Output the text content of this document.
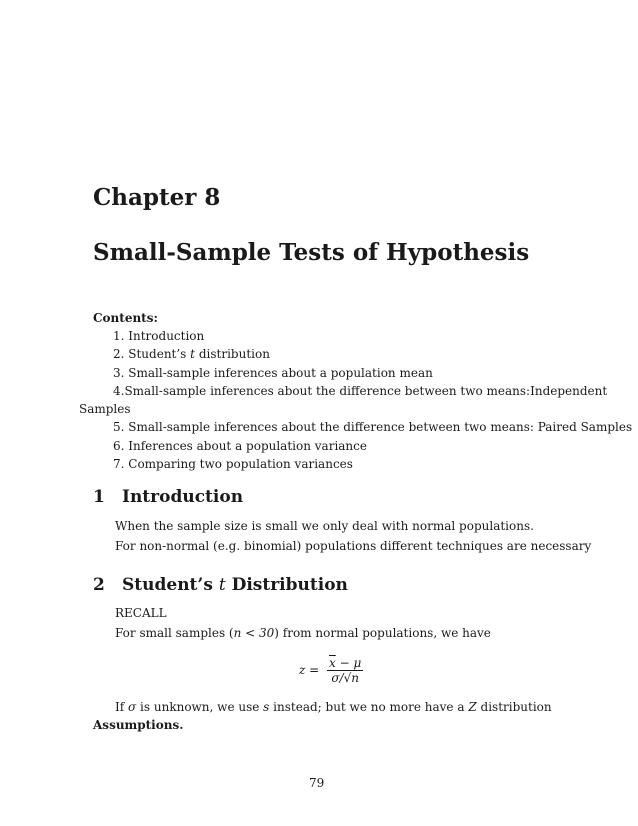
Chapter 8
Small-Sample Tests of Hypothesis
Contents:
1. Introduction
2. Student’s t distribution
3. Small-sample inferences about a population mean
4. Small-sample inferences about the difference between two means: Independent
Samples
5. Small-sample inferences about the difference between two means: Paired Samples
6. Inferences about a population variance
7. Comparing two population variances
1 Introduction
When the sample size is small we only deal with normal populations.
For non-normal (e.g. binomial) populations different techniques are necessary
2 Student’s t Distribution
RECALL
For small samples (n < 30) from normal populations, we have
$z = \frac{\overline{x} - \mu}{\sigma/√n}$
If σ is unknown, we use s instead; but we no more have a Z distribution
Assumptions.
79
